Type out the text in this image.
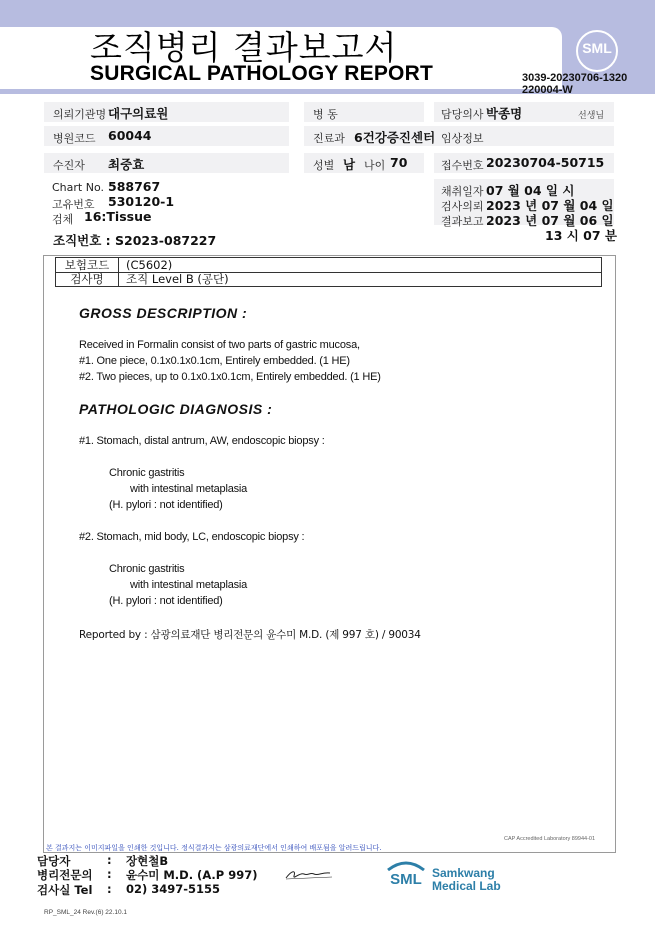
조직병리 결과보고서
SURGICAL PATHOLOGY REPORT
SML
3039-20230706-1320
220004-W
의뢰기관명 대구의료원	병 동	담당의사 박종명	선생님
병원코드 60044	진료과 6건강증진센터 임상정보
수진자 최중효	성별 남 나이 70	접수번호 20230704-50715
Chart No. 588767
고유번호 530120-1
검체 16:Tissue
채취일자 07 월 04 일 시
검사의뢰 2023 년 07 월 04 일
결과보고 2023 년 07 월 06 일
13 시 07 분
조직번호 : S2023-087227
보험코드	(C5602)
검사명	조직 Level B (공단)
GROSS DESCRIPTION :
Received in Formalin consist of two parts of gastric mucosa,
#1. One piece, 0.1x0.1x0.1cm, Entirely embedded. (1 HE)
#2. Two pieces, up to 0.1x0.1x0.1cm, Entirely embedded. (1 HE)
PATHOLOGIC DIAGNOSIS :
#1. Stomach, distal antrum, AW, endoscopic biopsy :
Chronic gastritis
with intestinal metaplasia
(H. pylori : not identified)
#2. Stomach, mid body, LC, endoscopic biopsy :
Chronic gastritis
with intestinal metaplasia
(H. pylori : not identified)
Reported by : 삼광의료재단 병리전문의 윤수미 M.D. (제 997 호) / 90034
CAP Accredited Laboratory 89944-01
본 결과지는 이미지파일을 인쇄한 것입니다. 정식결과지는 삼광의료재단에서 인쇄하여 배포됨을 알려드립니다.
담당자	: 장현철B
병리전문의 : 윤수미 M.D. (A.P 997)
검사실 Tel : 02) 3497-5155
SML Samkwang
Medical Lab
RP_SML_24 Rev.(6) 22.10.1
